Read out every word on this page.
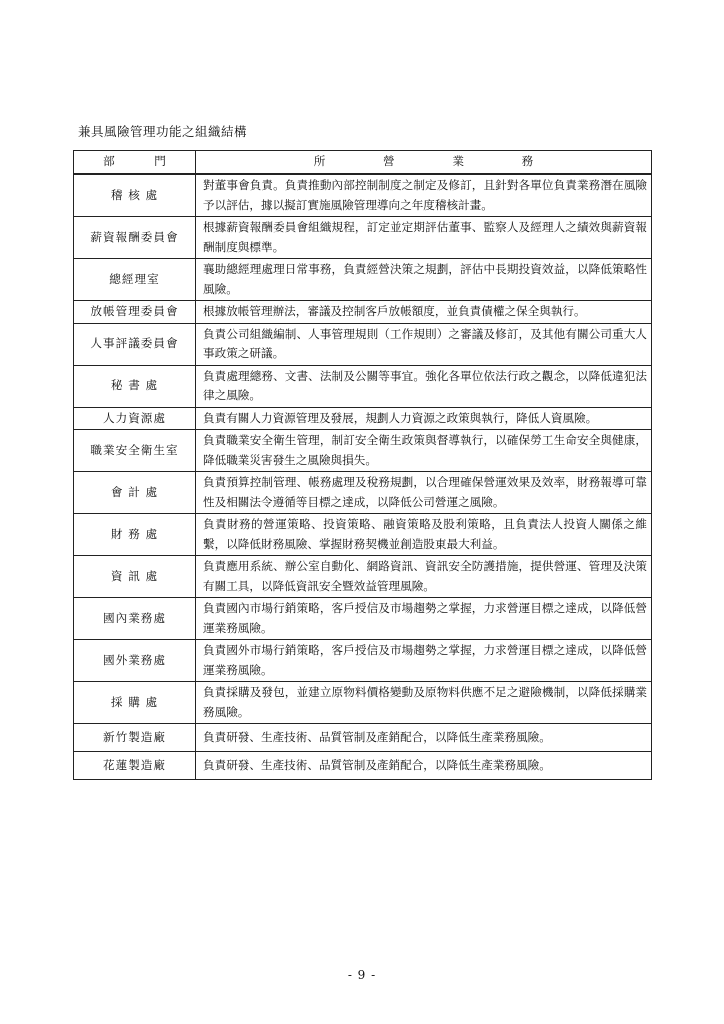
兼具風險管理功能之組織結構
部　門	所 營 業 務
稽 核 處	對董事會負責。負責推動內部控制制度之制定及修訂，且針對各單位負責業務潛在風險予以評估，據以擬訂實施風險管理導向之年度稽核計畫。
薪資報酬委員會	根據薪資報酬委員會組織規程，訂定並定期評估董事、監察人及經理人之績效與薪資報酬制度與標準。
總經理室	襄助總經理處理日常事務，負責經營決策之規劃，評估中長期投資效益，以降低策略性風險。
放帳管理委員會	根據放帳管理辦法，審議及控制客戶放帳額度，並負責債權之保全與執行。
人事評議委員會	負責公司組織編制、人事管理規則（工作規則）之審議及修訂，及其他有關公司重大人事政策之研議。
秘 書 處	負責處理總務、文書、法制及公關等事宜。強化各單位依法行政之觀念，以降低違犯法律之風險。
人力資源處	負責有關人力資源管理及發展，規劃人力資源之政策與執行，降低人資風險。
職業安全衛生室	負責職業安全衛生管理，制訂安全衛生政策與督導執行，以確保勞工生命安全與健康，降低職業災害發生之風險與損失。
會 計 處	負責預算控制管理、帳務處理及稅務規劃，以合理確保營運效果及效率，財務報導可靠性及相關法令遵循等目標之達成，以降低公司營運之風險。
財 務 處	負責財務的營運策略、投資策略、融資策略及股利策略，且負責法人投資人關係之維繫，以降低財務風險、掌握財務契機並創造股東最大利益。
資 訊 處	負責應用系統、辦公室自動化、網路資訊、資訊安全防護措施，提供營運、管理及決策有關工具，以降低資訊安全暨效益管理風險。
國內業務處	負責國內市場行銷策略，客戶授信及市場趨勢之掌握，力求營運目標之達成，以降低營運業務風險。
國外業務處	負責國外市場行銷策略，客戶授信及市場趨勢之掌握，力求營運目標之達成，以降低營運業務風險。
採 購 處	負責採購及發包，並建立原物料價格變動及原物料供應不足之避險機制，以降低採購業務風險。
新竹製造廠	負責研發、生產技術、品質管制及產銷配合，以降低生產業務風險。
花蓮製造廠	負責研發、生產技術、品質管制及產銷配合，以降低生產業務風險。
- 9 -
